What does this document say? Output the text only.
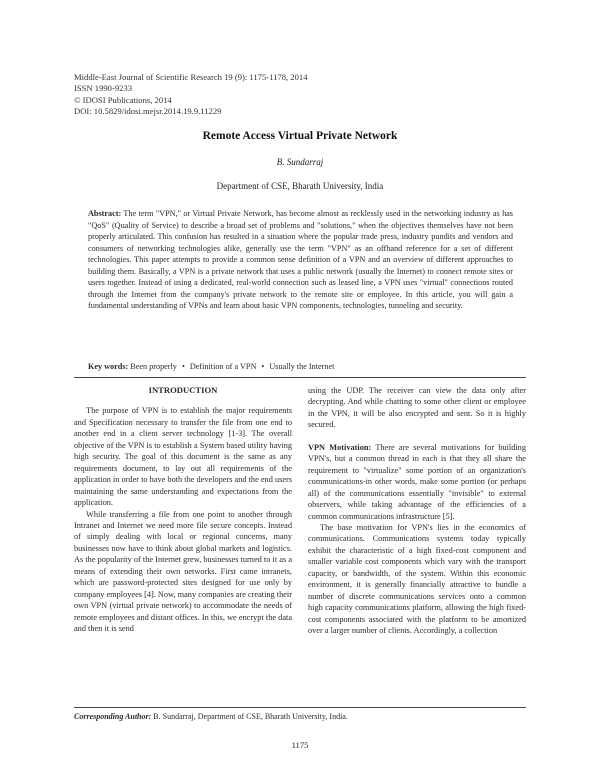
Middle-East Journal of Scientific Research 19 (9): 1175-1178, 2014
ISSN 1990-9233
© IDOSI Publications, 2014
DOI: 10.5829/idosi.mejsr.2014.19.9.11229
Remote Access Virtual Private Network
B. Sundarraj
Department of CSE, Bharath University, India
Abstract: The term "VPN," or Virtual Private Network, has become almost as recklessly used in the networking industry as has "QoS" (Quality of Service) to describe a broad set of problems and "solutions," when the objectives themselves have not been properly articulated. This confusion has resulted in a situation where the popular trade press, industry pundits and vendors and consumers of networking technologies alike, generally use the term "VPN" as an offhand reference for a set of different technologies. This paper attempts to provide a common sense definition of a VPN and an overview of different approaches to building them. Basically, a VPN is a private network that uses a public network (usually the Internet) to connect remote sites or users together. Instead of using a dedicated, real-world connection such as leased line, a VPN uses "virtual" connections routed through the Internet from the company's private network to the remote site or employee. In this article, you will gain a fundamental understanding of VPNs and learn about basic VPN components, technologies, tunneling and security.
Key words: Been properly • Definition of a VPN • Usually the Internet
INTRODUCTION

The purpose of VPN is to establish the major requirements and Specification necessary to transfer the file from one end to another end in a client server technology [1-3]. The overall objective of the VPN is to establish a System based utility having high security. The goal of this document is the same as any requirements document, to lay out all requirements of the application in order to have both the developers and the end users maintaining the same understanding and expectations from the application.

While transferring a file from one point to another through Intranet and Internet we need more file secure concepts. Instead of simply dealing with local or regional concerns, many businesses now have to think about global markets and logistics. As the popularity of the Internet grew, businesses turned to it as a means of extending their own networks. First came intranets, which are password-protected sites designed for use only by company employees [4]. Now, many companies are creating their own VPN (virtual private network) to accommodate the needs of remote employees and distant offices. In this, we encrypt the data and then it is send

using the UDP. The receiver can view the data only after decrypting. And while chatting to some other client or employee in the VPN, it will be also encrypted and sent. So it is highly secured.

VPN Motivation: There are several motivations for building VPN's, but a common thread in each is that they all share the requirement to "virtualize" some portion of an organization's communications-in other words, make some portion (or perhaps all) of the communications essentially "invisible" to external observers, while taking advantage of the efficiencies of a common communications infrastructure [5].

The base motivation for VPN's lies in the economics of communications. Communications systems today typically exhibit the characteristic of a high fixed-cost component and smaller variable cost components which vary with the transport capacity, or bandwidth, of the system. Within this economic environment, it is generally financially attractive to bundle a number of discrete communications services onto a common high capacity communications platform, allowing the high fixed-cost components associated with the platform to be amortized over a larger number of clients. Accordingly, a collection

Corresponding Author: B. Sundarraj, Department of CSE, Bharath University, India.
1175
